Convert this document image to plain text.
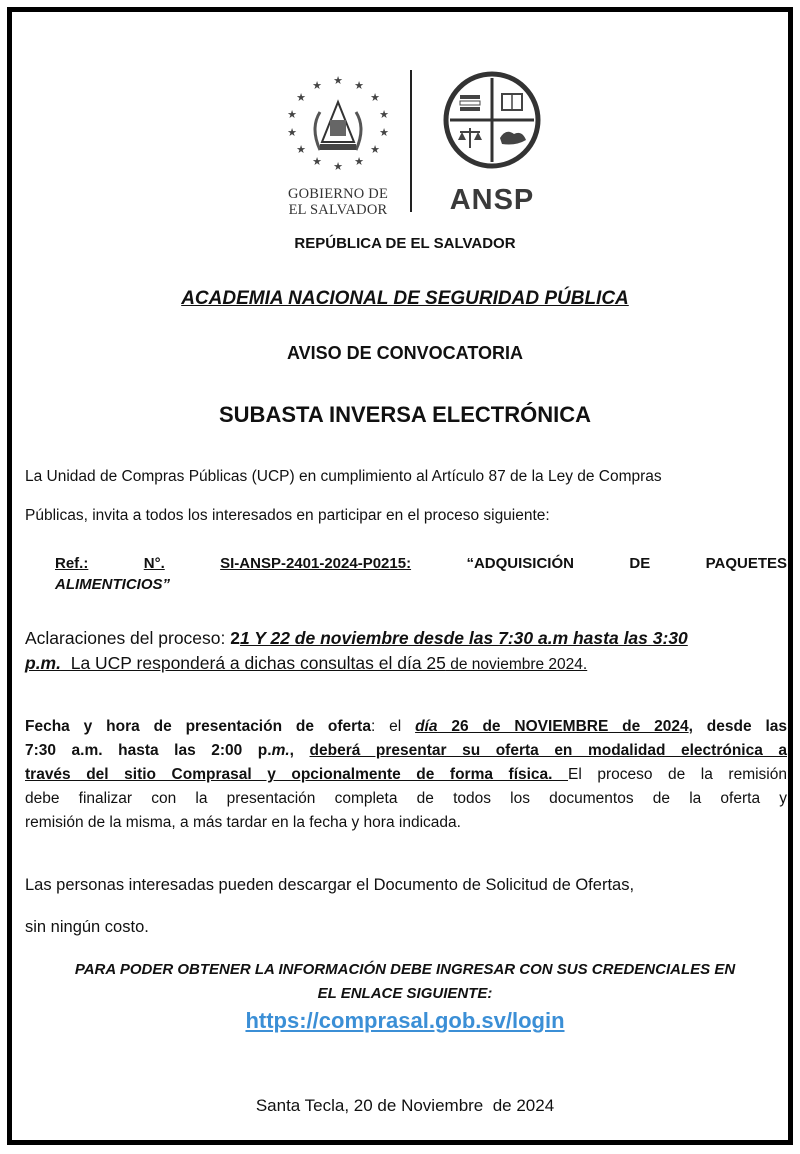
★
★	★
★	★
★	★
★	★
★	★
★	★
★
GOBIERNO DE
EL SALVADOR	ANSP
REPÚBLICA DE EL SALVADOR
ACADEMIA NACIONAL DE SEGURIDAD PÚBLICA
AVISO DE CONVOCATORIA
SUBASTA INVERSA ELECTRÓNICA
La Unidad de Compras Públicas (UCP) en cumplimiento al Artículo 87 de la Ley de Compras
Públicas, invita a todos los interesados en participar en el proceso siguiente:
Ref.:	N°.	SI-ANSP-2401-2024-P0215:	“ADQUISICIÓN	DE	PAQUETES
ALIMENTICIOS”
Aclaraciones del proceso: 21 Y 22 de noviembre desde las 7:30 a.m hasta las 3:30
p.m.  La UCP responderá a dichas consultas el día 25 de noviembre 2024.
Fecha y hora de presentación de oferta: el día 26 de NOVIEMBRE de 2024, desde las
7:30 a.m. hasta las 2:00 p.m., deberá presentar su oferta en modalidad electrónica a
través del sitio Comprasal y opcionalmente de forma física. El proceso de la remisión
debe finalizar con la presentación completa de todos los documentos de la oferta y
remisión de la misma, a más tardar en la fecha y hora indicada.
Las personas interesadas pueden descargar el Documento de Solicitud de Ofertas,
sin ningún costo.
PARA PODER OBTENER LA INFORMACIÓN DEBE INGRESAR CON SUS CREDENCIALES EN
EL ENLACE SIGUIENTE:
https://comprasal.gob.sv/login
Santa Tecla, 20 de Noviembre  de 2024
